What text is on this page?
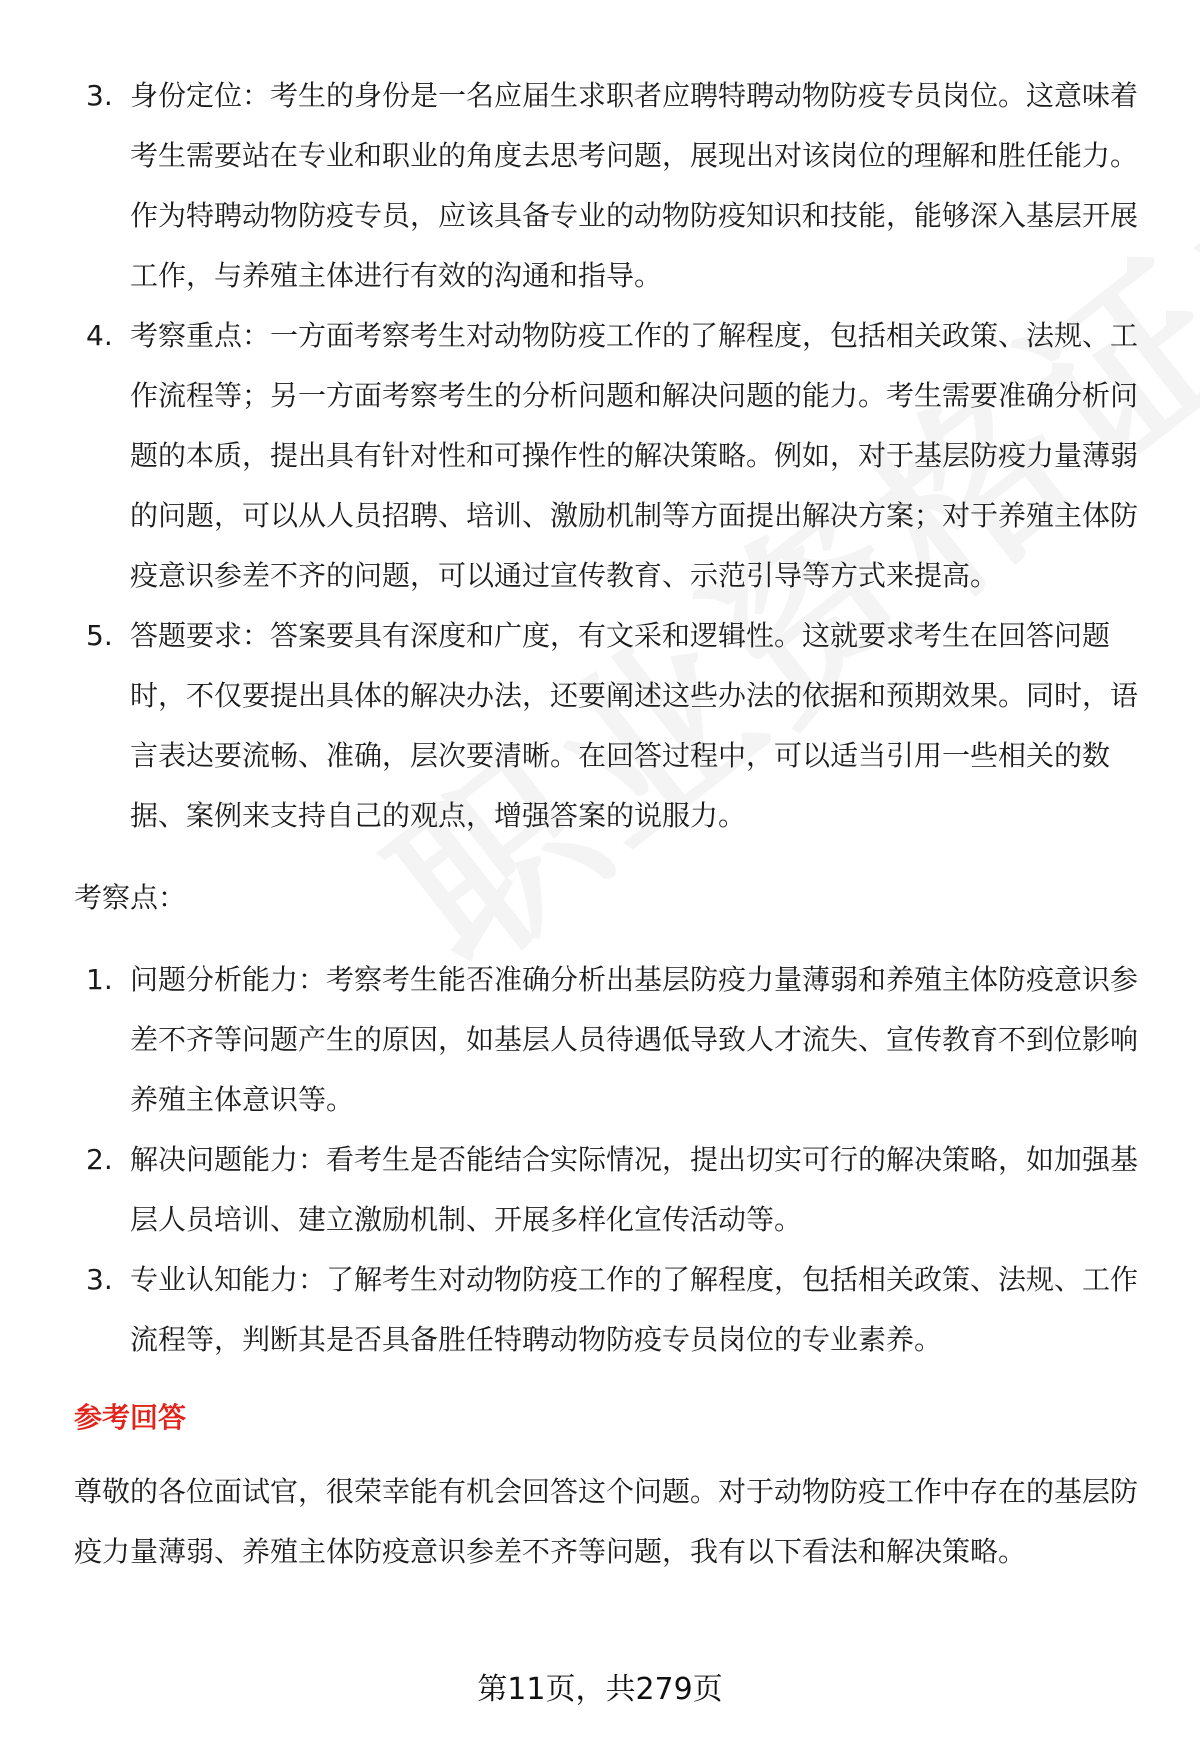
3. 身份定位：考生的身份是一名应届生求职者应聘特聘动物防疫专员岗位。这意味着考生需要站在专业和职业的角度去思考问题，展现出对该岗位的理解和胜任能力。作为特聘动物防疫专员，应该具备专业的动物防疫知识和技能，能够深入基层开展工作，与养殖主体进行有效的沟通和指导。
4. 考察重点：一方面考察考生对动物防疫工作的了解程度，包括相关政策、法规、工作流程等；另一方面考察考生的分析问题和解决问题的能力。考生需要准确分析问题的本质，提出具有针对性和可操作性的解决策略。例如，对于基层防疫力量薄弱的问题，可以从人员招聘、培训、激励机制等方面提出解决方案；对于养殖主体防疫意识参差不齐的问题，可以通过宣传教育、示范引导等方式来提高。
5. 答题要求：答案要具有深度和广度，有文采和逻辑性。这就要求考生在回答问题时，不仅要提出具体的解决办法，还要阐述这些办法的依据和预期效果。同时，语言表达要流畅、准确，层次要清晰。在回答过程中，可以适当引用一些相关的数据、案例来支持自己的观点，增强答案的说服力。

考察点：

1. 问题分析能力：考察考生能否准确分析出基层防疫力量薄弱和养殖主体防疫意识参差不齐等问题产生的原因，如基层人员待遇低导致人才流失、宣传教育不到位影响养殖主体意识等。
2. 解决问题能力：看考生是否能结合实际情况，提出切实可行的解决策略，如加强基层人员培训、建立激励机制、开展多样化宣传活动等。
3. 专业认知能力：了解考生对动物防疫工作的了解程度，包括相关政策、法规、工作流程等，判断其是否具备胜任特聘动物防疫专员岗位的专业素养。
参考回答

尊敬的各位面试官，很荣幸能有机会回答这个问题。对于动物防疫工作中存在的基层防疫力量薄弱、养殖主体防疫意识参差不齐等问题，我有以下看法和解决策略。

第11页，共279页
